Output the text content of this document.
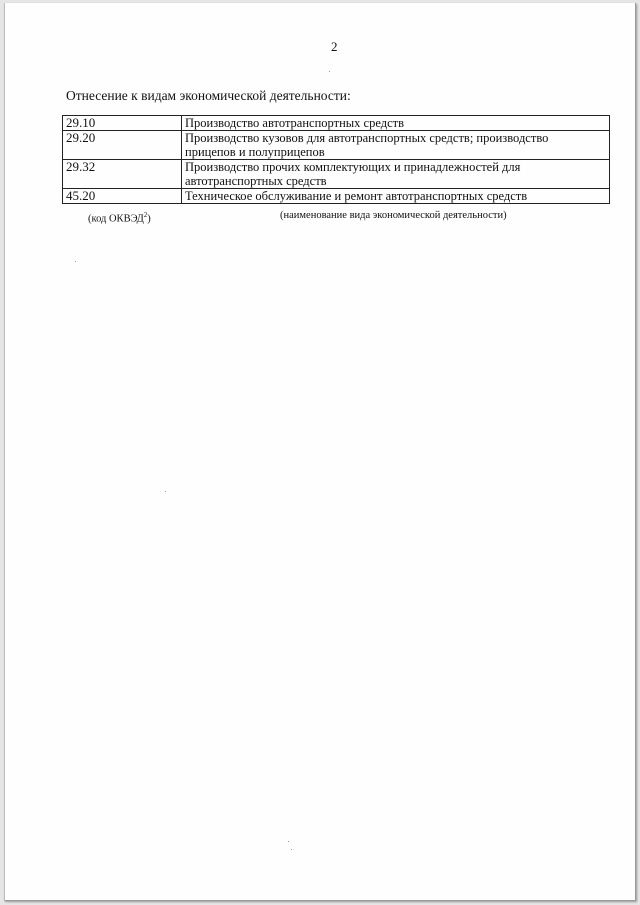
2
Отнесение к видам экономической деятельности:
29.10	Производство автотранспортных средств

29.20	Производство кузовов для автотранспортных средств; производство
прицепов и полуприцепов

29.32	Производство прочих комплектующих и принадлежностей для
автотранспортных средств

45.20	Техническое обслуживание и ремонт автотранспортных средств
(код ОКВЭД$^2$)	(наименование вида экономической деятельности)
